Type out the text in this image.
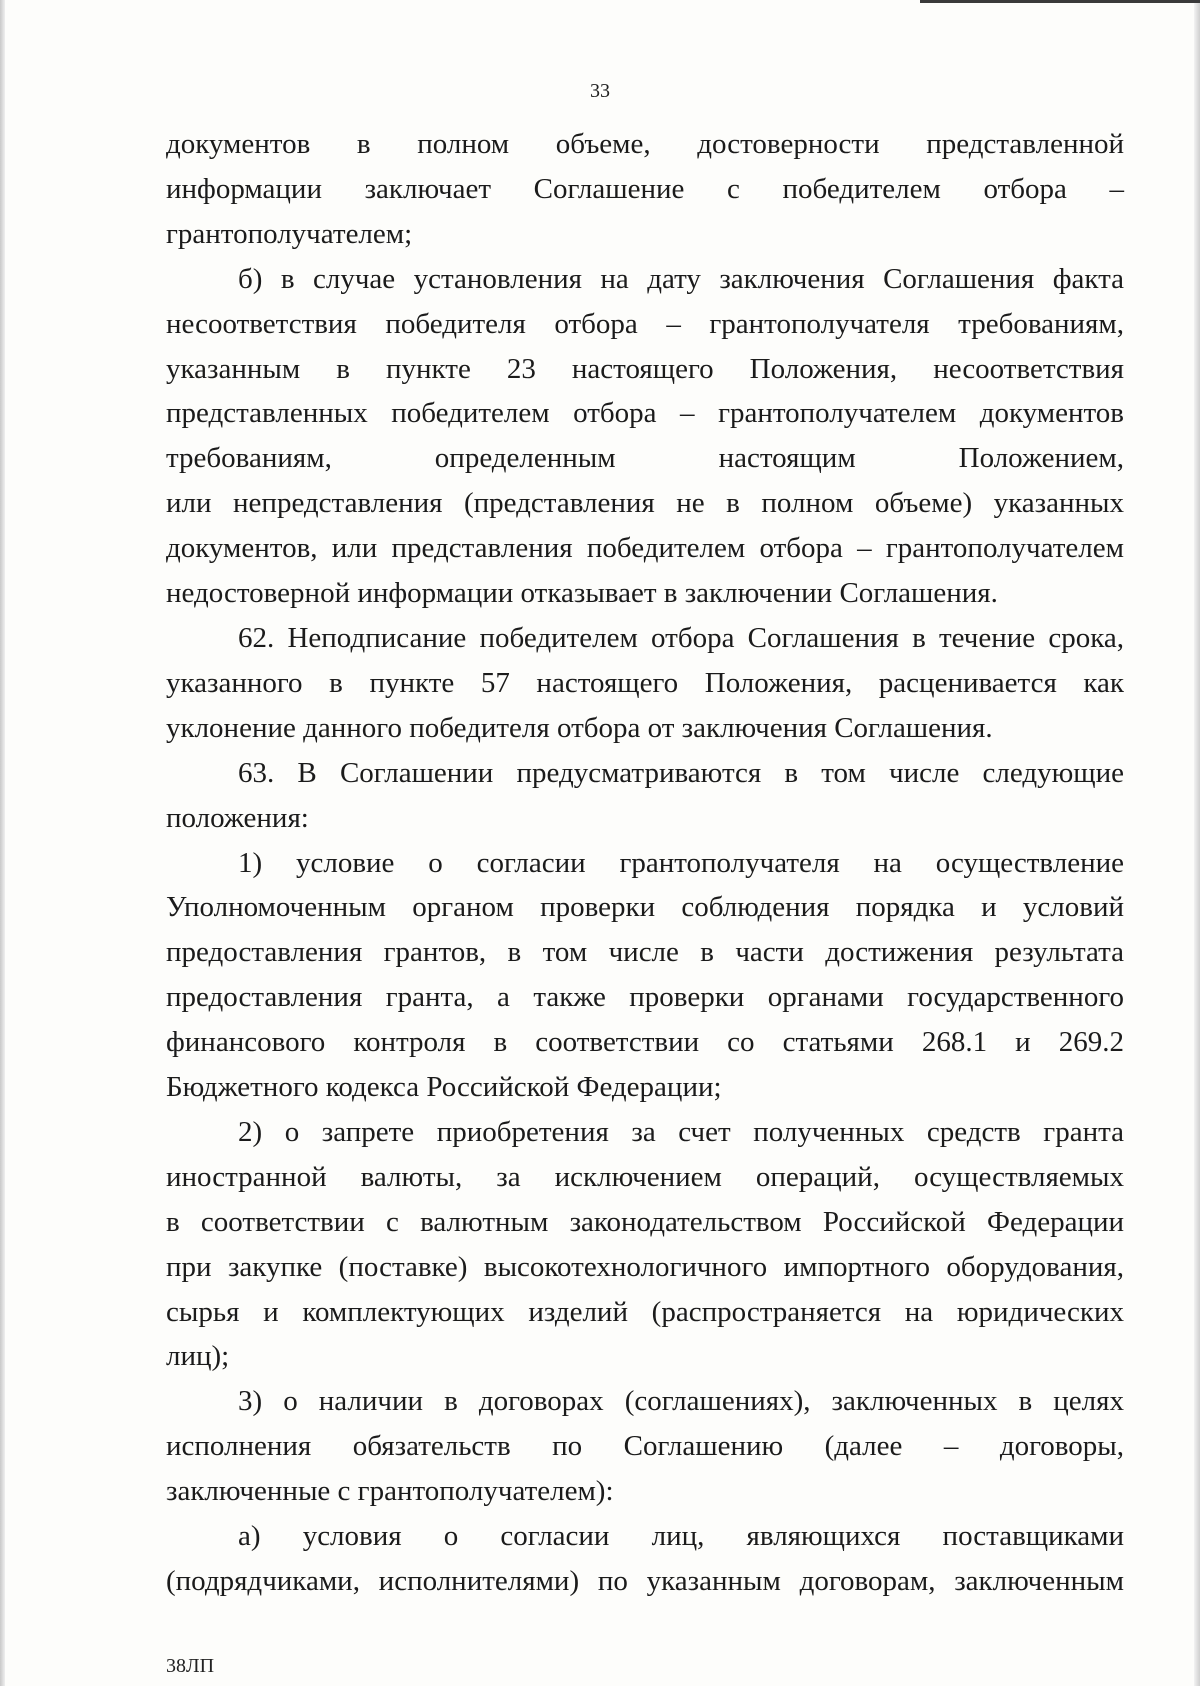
33

документов в полном объеме, достоверности представленной

информации заключает Соглашение с победителем отбора –

грантополучателем;

б) в случае установления на дату заключения Соглашения факта

несоответствия победителя отбора – грантополучателя требованиям,

указанным в пункте 23 настоящего Положения, несоответствия

представленных победителем отбора – грантополучателем документов

требованиям, определенным настоящим Положением,

или непредставления (представления не в полном объеме) указанных

документов, или представления победителем отбора – грантополучателем

недостоверной информации отказывает в заключении Соглашения.

62. Неподписание победителем отбора Соглашения в течение срока,

указанного в пункте 57 настоящего Положения, расценивается как

уклонение данного победителя отбора от заключения Соглашения.

63. В Соглашении предусматриваются в том числе следующие

положения:

1) условие о согласии грантополучателя на осуществление

Уполномоченным органом проверки соблюдения порядка и условий

предоставления грантов, в том числе в части достижения результата

предоставления гранта, а также проверки органами государственного

финансового контроля в соответствии со статьями 268.1 и 269.2

Бюджетного кодекса Российской Федерации;

2) о запрете приобретения за счет полученных средств гранта

иностранной валюты, за исключением операций, осуществляемых

в соответствии с валютным законодательством Российской Федерации

при закупке (поставке) высокотехнологичного импортного оборудования,

сырья и комплектующих изделий (распространяется на юридических

лиц);

3) о наличии в договорах (соглашениях), заключенных в целях

исполнения обязательств по Соглашению (далее – договоры,

заключенные с грантополучателем):

а) условия о согласии лиц, являющихся поставщиками

(подрядчиками, исполнителями) по указанным договорам, заключенным

38ЛП
